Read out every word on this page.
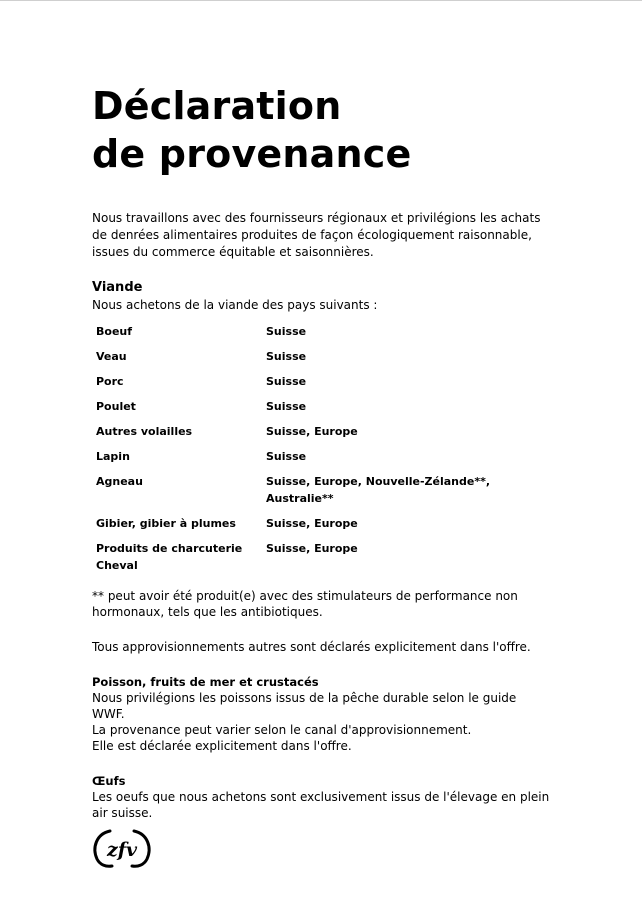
Déclaration
de provenance

Nous travaillons avec des fournisseurs régionaux et privilégions les achats de denrées alimentaires produites de façon écologiquement raisonnable, issues du commerce équitable et saisonnières.

Viande

Nous achetons de la viande des pays suivants :

Boeuf	Suisse
Veau	Suisse
Porc	Suisse
Poulet	Suisse
Autres volailles	Suisse, Europe
Lapin	Suisse
Agneau	Suisse, Europe, Nouvelle-Zélande**, Australie**
Gibier, gibier à plumes	Suisse, Europe
Produits de charcuterie Cheval	Suisse, Europe

** peut avoir été produit(e) avec des stimulateurs de performance non hormonaux, tels que les antibiotiques.

Tous approvisionnements autres sont déclarés explicitement dans l'offre.

Poisson, fruits de mer et crustacés

Nous privilégions les poissons issus de la pêche durable selon le guide WWF.

La provenance peut varier selon le canal d'approvisionnement.

Elle est déclarée explicitement dans l'offre.

Œufs

Les oeufs que nous achetons sont exclusivement issus de l'élevage en plein air suisse.

zfv
